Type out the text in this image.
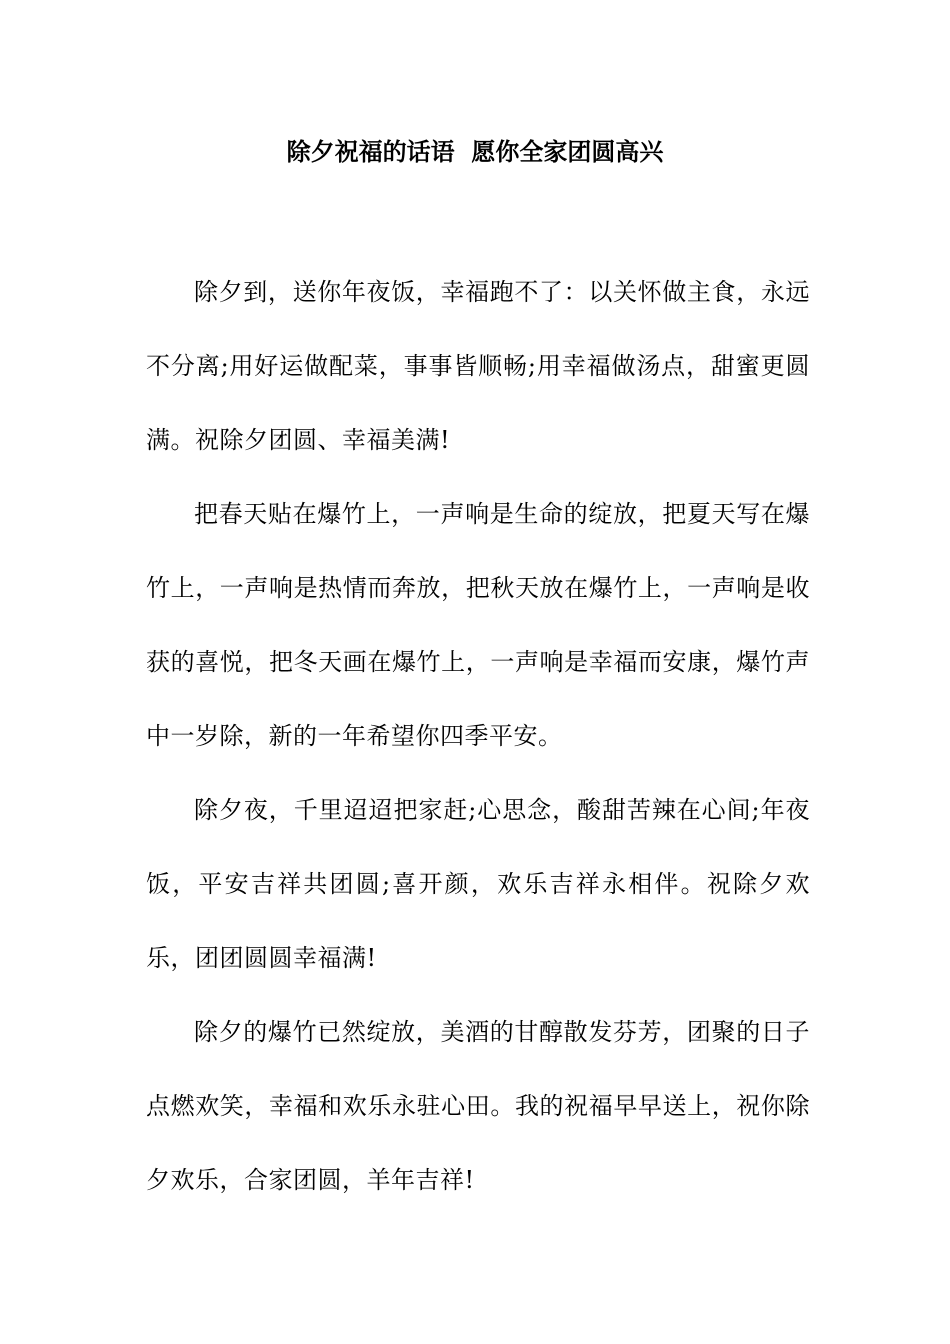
除夕祝福的话语  愿你全家团圆高兴

除夕到，送你年夜饭，幸福跑不了：以关怀做主食，永远不分离;用好运做配菜，事事皆顺畅;用幸福做汤点，甜蜜更圆满。祝除夕团圆、幸福美满!

把春天贴在爆竹上，一声响是生命的绽放，把夏天写在爆竹上，一声响是热情而奔放，把秋天放在爆竹上，一声响是收获的喜悦，把冬天画在爆竹上，一声响是幸福而安康，爆竹声中一岁除，新的一年希望你四季平安。

除夕夜，千里迢迢把家赶;心思念，酸甜苦辣在心间;年夜饭，平安吉祥共团圆;喜开颜，欢乐吉祥永相伴。祝除夕欢乐，团团圆圆幸福满!

除夕的爆竹已然绽放，美酒的甘醇散发芬芳，团聚的日子点燃欢笑，幸福和欢乐永驻心田。我的祝福早早送上，祝你除夕欢乐，合家团圆，羊年吉祥!
